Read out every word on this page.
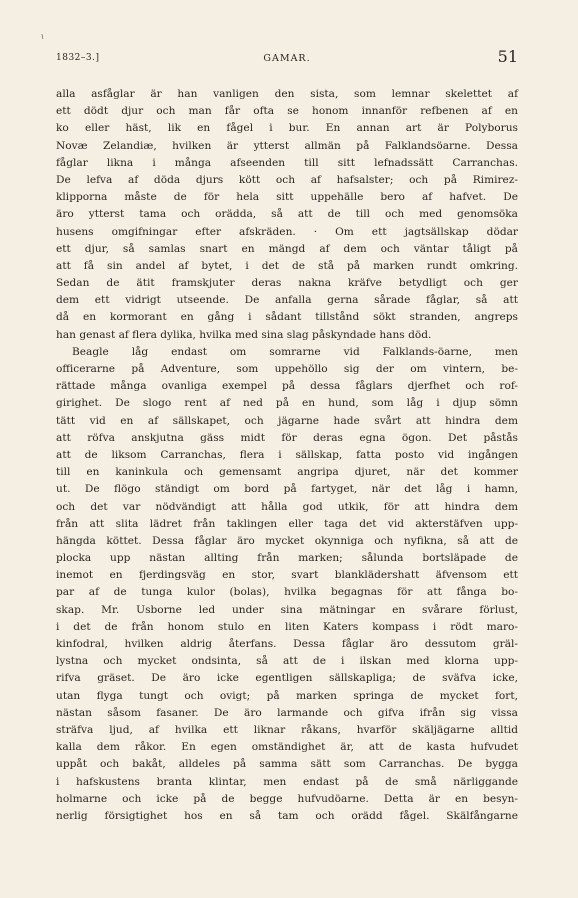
ɩ
1832–3.]	GAMAR.	51
alla asfåglar är han vanligen den sista, som lemnar skelettet af
ett dödt djur och man får ofta se honom innanför refbenen af en
ko eller häst, lik en fågel i bur. En annan art är Polyborus
Novæ Zelandiæ, hvilken är ytterst allmän på Falklandsöarne. Dessa
fåglar likna i många afseenden till sitt lefnadssätt Carranchas.
De lefva af döda djurs kött och af hafsalster; och på Rimirez-
klipporna måste de för hela sitt uppehälle bero af hafvet. De
äro ytterst tama och orädda, så att de till och med genomsöka
husens omgifningar efter afskräden. · Om ett jagtsällskap dödar
ett djur, så samlas snart en mängd af dem och väntar tåligt på
att få sin andel af bytet, i det de stå på marken rundt omkring.
Sedan de ätit framskjuter deras nakna kräfve betydligt och ger
dem ett vidrigt utseende. De anfalla gerna sårade fåglar, så att
då en kormorant en gång i sådant tillstånd sökt stranden, angreps
han genast af flera dylika, hvilka med sina slag påskyndade hans död.
Beagle låg endast om somrarne vid Falklands-öarne, men
officerarne på Adventure, som uppehöllo sig der om vintern, be-
rättade många ovanliga exempel på dessa fåglars djerfhet och rof-
girighet. De slogo rent af ned på en hund, som låg i djup sömn
tätt vid en af sällskapet, och jägarne hade svårt att hindra dem
att röfva anskjutna gäss midt för deras egna ögon. Det påstås
att de liksom Carranchas, flera i sällskap, fatta posto vid ingången
till en kaninkula och gemensamt angripa djuret, när det kommer
ut. De flögo ständigt om bord på fartyget, när det låg i hamn,
och det var nödvändigt att hålla god utkik, för att hindra dem
från att slita lädret från taklingen eller taga det vid akterstäfven upp-
hängda köttet. Dessa fåglar äro mycket okynniga och nyfikna, så att de
plocka upp nästan allting från marken; sålunda bortsläpade de
inemot en fjerdingsväg en stor, svart blanklädershatt äfvensom ett
par af de tunga kulor (bolas), hvilka begagnas för att fånga bo-
skap. Mr. Usborne led under sina mätningar en svårare förlust,
i det de från honom stulo en liten Katers kompass i rödt maro-
kinfodral, hvilken aldrig återfans. Dessa fåglar äro dessutom gräl-
lystna och mycket ondsinta, så att de i ilskan med klorna upp-
rifva gräset. De äro icke egentligen sällskapliga; de sväfva icke,
utan flyga tungt och ovigt; på marken springa de mycket fort,
nästan såsom fasaner. De äro larmande och gifva ifrån sig vissa
sträfva ljud, af hvilka ett liknar råkans, hvarför skäljägarne alltid
kalla dem råkor. En egen omständighet är, att de kasta hufvudet
uppåt och bakåt, alldeles på samma sätt som Carranchas. De bygga
i hafskustens branta klintar, men endast på de små närliggande
holmarne och icke på de begge hufvudöarne. Detta är en besyn-
nerlig försigtighet hos en så tam och orädd fågel. Skälfångarne
